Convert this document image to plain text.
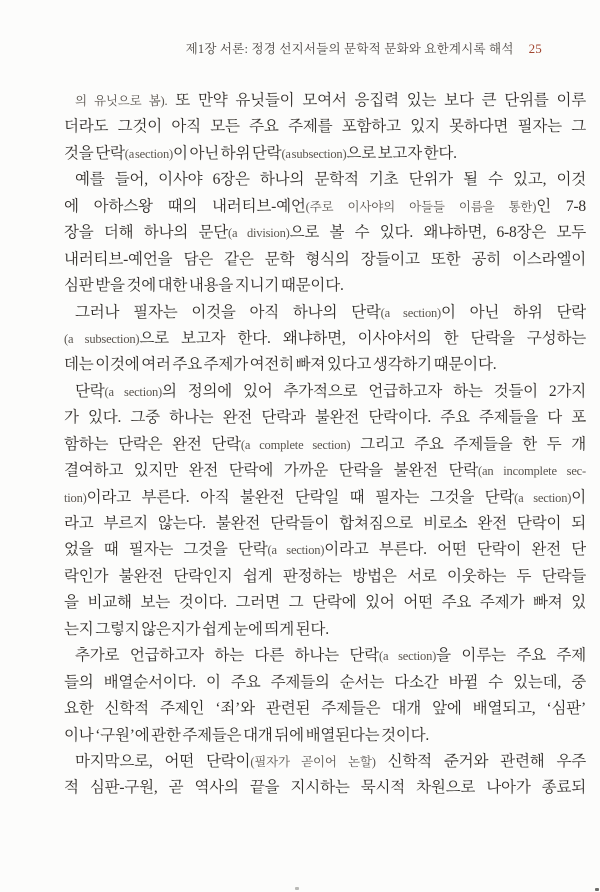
제1장 서론: 정경 선지서들의 문학적 문화와 요한계시록 해석 25
의 유닛으로 봄). 또 만약 유닛들이 모여서 응집력 있는 보다 큰 단위를 이루
더라도 그것이 아직 모든 주요 주제를 포함하고 있지 못하다면 필자는 그
것을 단락(a section)이 아닌 하위 단락(a subsection)으로 보고자 한다.
예를 들어, 이사야 6장은 하나의 문학적 기초 단위가 될 수 있고, 이것
에 아하스왕 때의 내러티브-예언(주로 이사야의 아들들 이름을 통한)인 7-8
장을 더해 하나의 문단(a division)으로 볼 수 있다. 왜냐하면, 6-8장은 모두
내러티브-예언을 담은 같은 문학 형식의 장들이고 또한 공히 이스라엘이
심판 받을 것에 대한 내용을 지니기 때문이다.
그러나 필자는 이것을 아직 하나의 단락(a section)이 아닌 하위 단락
(a subsection)으로 보고자 한다. 왜냐하면, 이사야서의 한 단락을 구성하는
데는 이것에 여러 주요 주제가 여전히 빠져 있다고 생각하기 때문이다.
단락(a section)의 정의에 있어 추가적으로 언급하고자 하는 것들이 2가지
가 있다. 그중 하나는 완전 단락과 불완전 단락이다. 주요 주제들을 다 포
함하는 단락은 완전 단락(a complete section) 그리고 주요 주제들을 한 두 개
결여하고 있지만 완전 단락에 가까운 단락을 불완전 단락(an incomplete sec-
tion)이라고 부른다. 아직 불완전 단락일 때 필자는 그것을 단락(a section)이
라고 부르지 않는다. 불완전 단락들이 합쳐짐으로 비로소 완전 단락이 되
었을 때 필자는 그것을 단락(a section)이라고 부른다. 어떤 단락이 완전 단
락인가 불완전 단락인지 쉽게 판정하는 방법은 서로 이웃하는 두 단락들
을 비교해 보는 것이다. 그러면 그 단락에 있어 어떤 주요 주제가 빠져 있
는지 그렇지 않은지가 쉽게 눈에 띄게 된다.
추가로 언급하고자 하는 다른 하나는 단락(a section)을 이루는 주요 주제
들의 배열순서이다. 이 주요 주제들의 순서는 다소간 바뀔 수 있는데, 중
요한 신학적 주제인 ‘죄’와 관련된 주제들은 대개 앞에 배열되고, ‘심판’
이나 ‘구원’에 관한 주제들은 대개 뒤에 배열된다는 것이다.
마지막으로, 어떤 단락이(필자가 곧이어 논할) 신학적 준거와 관련해 우주
적 심판-구원, 곧 역사의 끝을 지시하는 묵시적 차원으로 나아가 종료되
